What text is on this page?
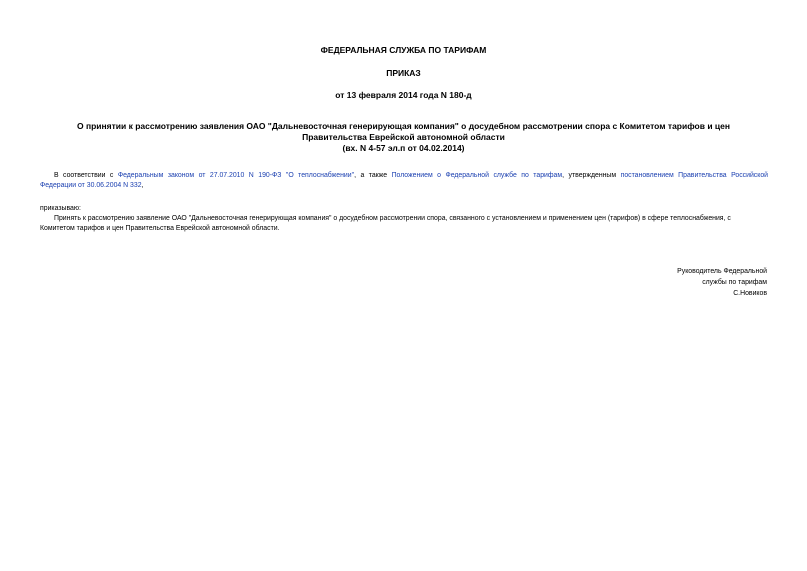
ФЕДЕРАЛЬНАЯ СЛУЖБА ПО ТАРИФАМ
ПРИКАЗ
от 13 февраля 2014 года N 180-д
О принятии к рассмотрению заявления ОАО "Дальневосточная генерирующая компания" о досудебном рассмотрении спора с Комитетом тарифов и цен
Правительства Еврейской автономной области
(вх. N 4-57 эл.п от 04.02.2014)
В соответствии с Федеральным законом от 27.07.2010 N 190-ФЗ "О теплоснабжении", а также Положением о Федеральной службе по тарифам, утвержденным постановлением Правительства Российской
Федерации от 30.06.2004 N 332,
приказываю:
Принять к рассмотрению заявление ОАО "Дальневосточная генерирующая компания" о досудебном рассмотрении спора, связанного с установлением и применением цен (тарифов) в сфере теплоснабжения, с
Комитетом тарифов и цен Правительства Еврейской автономной области.
Руководитель Федеральной
службы по тарифам
С.Новиков
